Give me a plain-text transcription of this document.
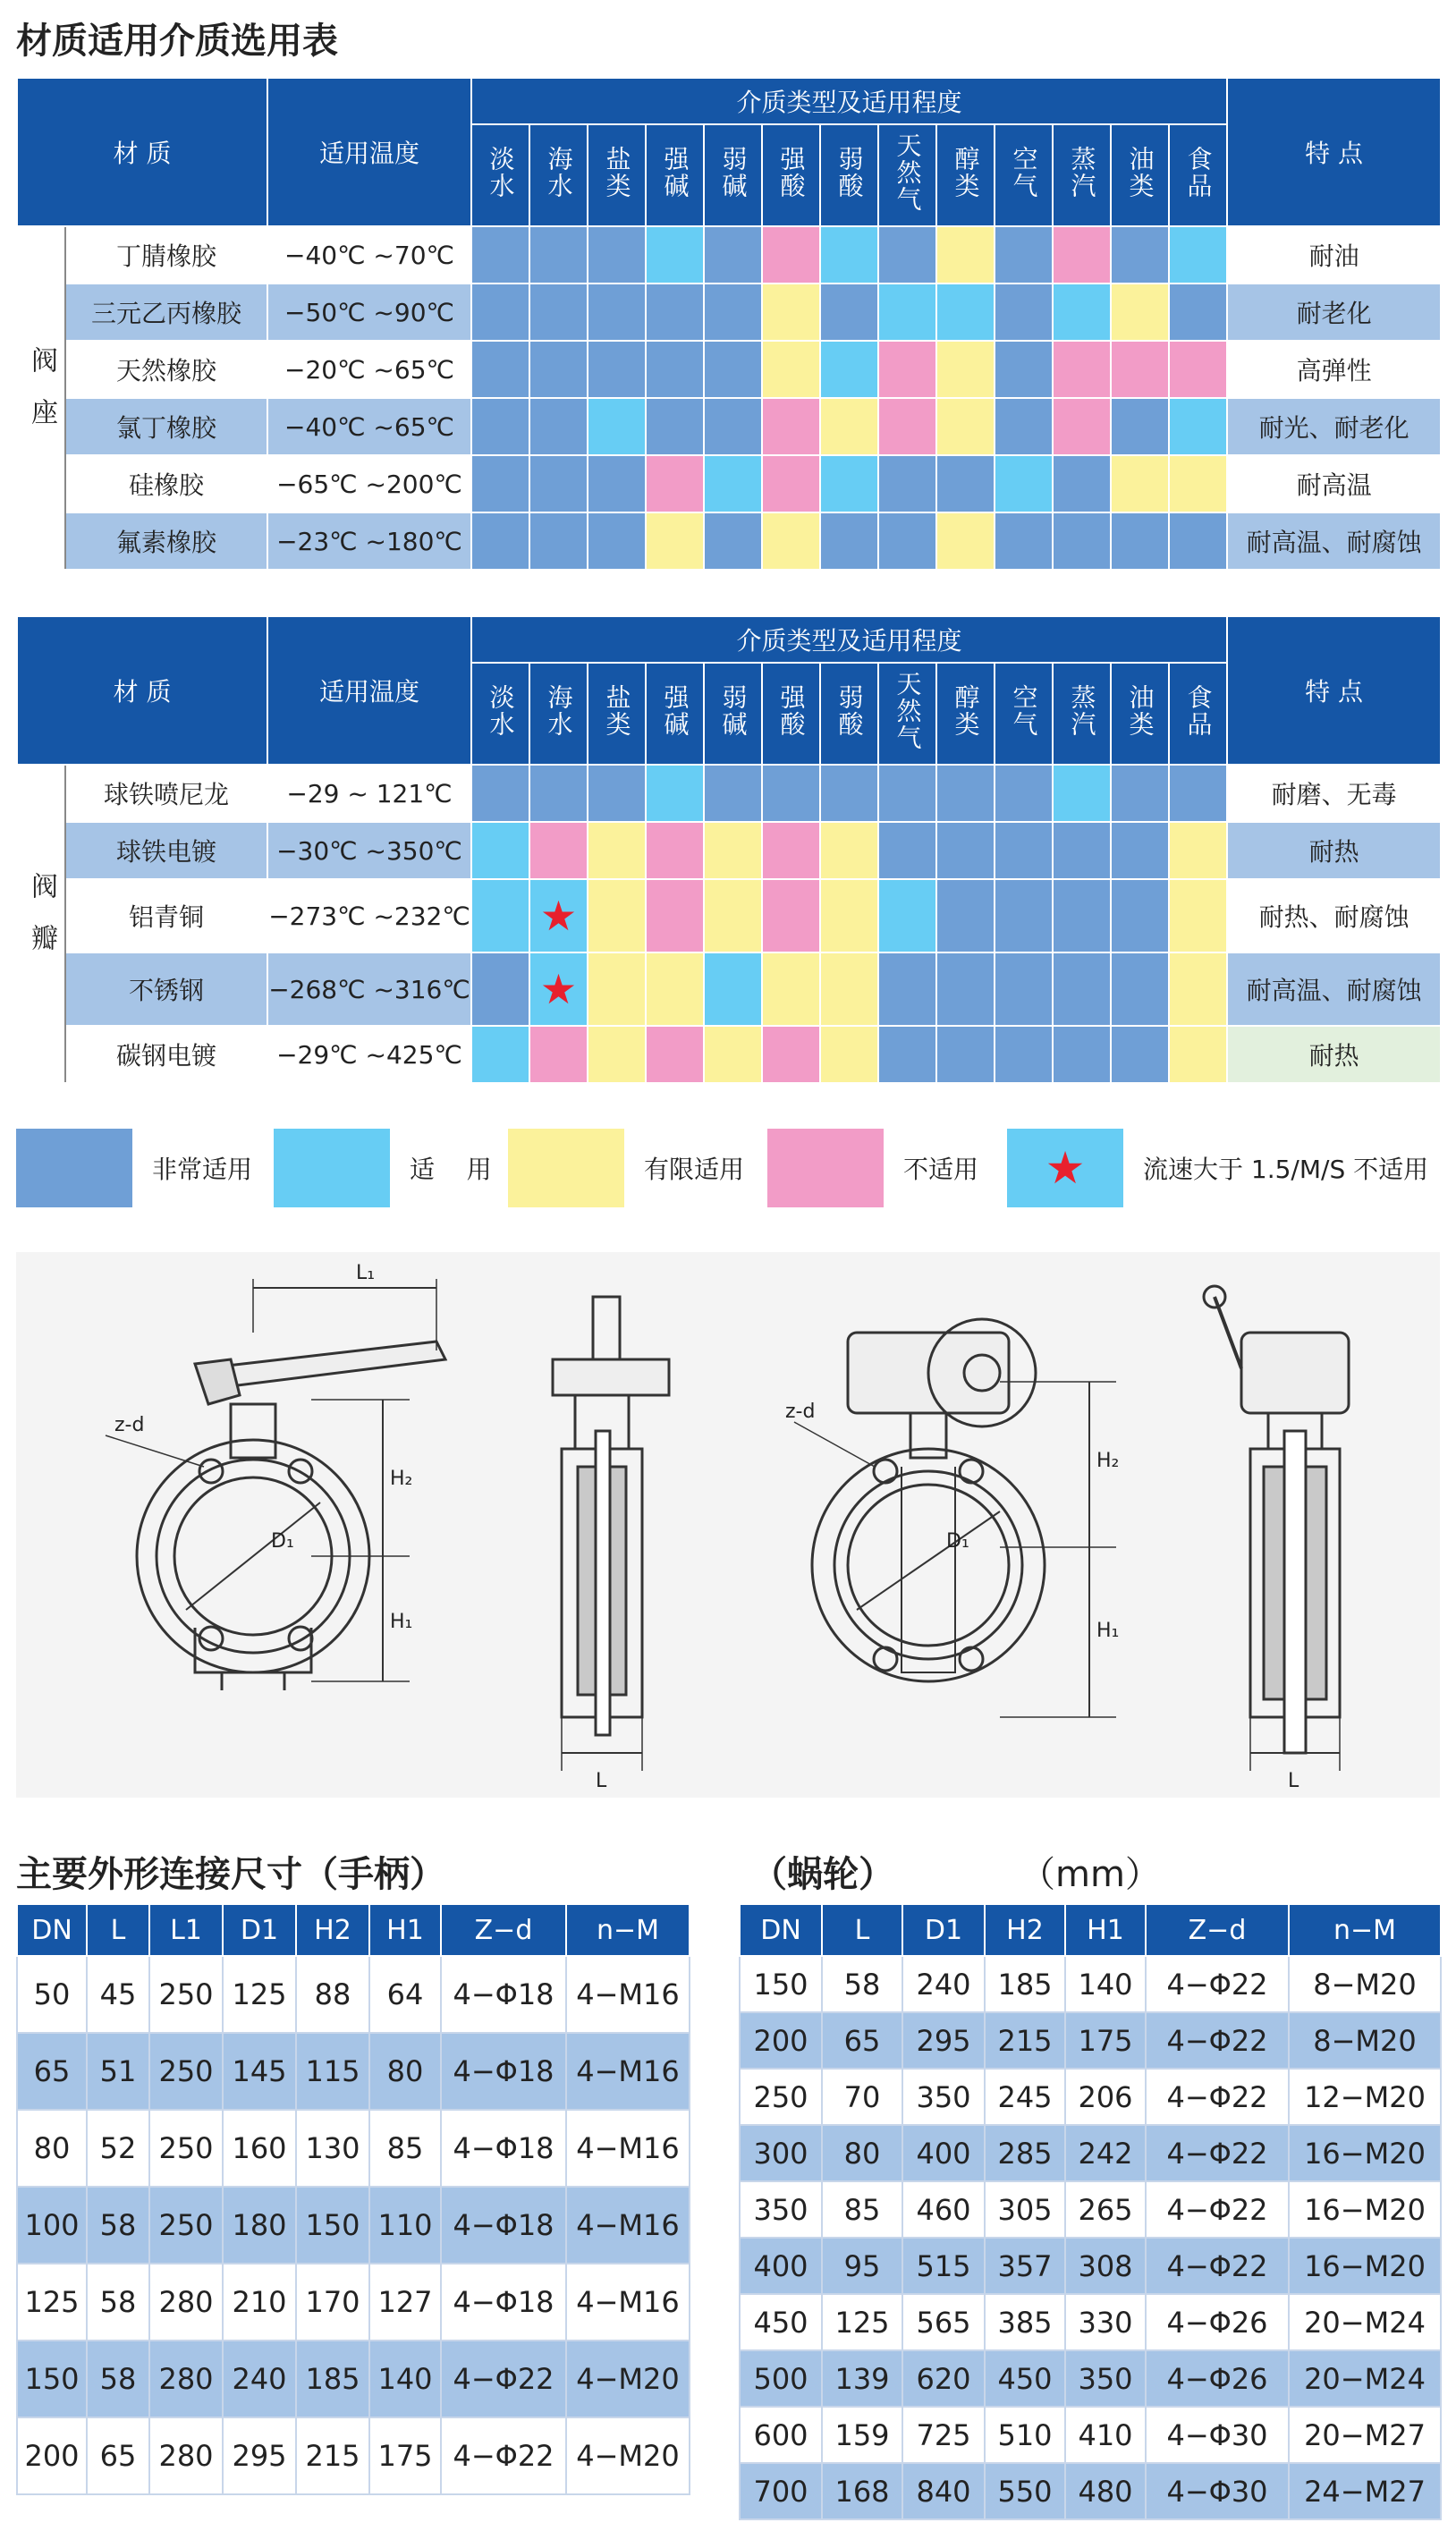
材质适用介质选用表
材 质		适用温度	介质类型及适用程度													特 点
			淡水	海水	盐类	强碱	弱碱	强酸	弱酸	天然气	醇类	空气	蒸汽	油类	食品	
阀座	丁腈橡胶	−40℃ ~70℃														耐油
	三元乙丙橡胶	−50℃ ~90℃														耐老化
	天然橡胶	−20℃ ~65℃														高弹性
	氯丁橡胶	−40℃ ~65℃														耐光、耐老化
	硅橡胶	−65℃ ~200℃														耐高温
	氟素橡胶	−23℃ ~180℃														耐高温、耐腐蚀
材 质		适用温度	介质类型及适用程度													特 点
			淡水	海水	盐类	强碱	弱碱	强酸	弱酸	天然气	醇类	空气	蒸汽	油类	食品	
阀瓣	球铁喷尼龙	−29 ~ 121℃														耐磨、无毒
	球铁电镀	−30℃ ~350℃														耐热
	铝青铜	−273℃ ~232℃		★												耐热、耐腐蚀
	不锈钢	−268℃ ~316℃		★												耐高温、耐腐蚀
	碳钢电镀	−29℃ ~425℃														耐热
非常适用	适    用	有限适用	不适用	★	流速大于 1.5/M/S 不适用
L₁
z-d
H₂
H₁
D₁
L
z-d
H₂
H₁
D₁
L
主要外形连接尺寸（手柄）	（蜗轮）	（mm）
DN	L	L1	D1	H2	H1	Z−d	n−M
50	45	250	125	88	64	4−Φ18	4−M16
65	51	250	145	115	80	4−Φ18	4−M16
80	52	250	160	130	85	4−Φ18	4−M16
100	58	250	180	150	110	4−Φ18	4−M16
125	58	280	210	170	127	4−Φ18	4−M16
150	58	280	240	185	140	4−Φ22	4−M20
200	65	280	295	215	175	4−Φ22	4−M20
DN	L	D1	H2	H1	Z−d	n−M
150	58	240	185	140	4−Φ22	8−M20
200	65	295	215	175	4−Φ22	8−M20
250	70	350	245	206	4−Φ22	12−M20
300	80	400	285	242	4−Φ22	16−M20
350	85	460	305	265	4−Φ22	16−M20
400	95	515	357	308	4−Φ22	16−M20
450	125	565	385	330	4−Φ26	20−M24
500	139	620	450	350	4−Φ26	20−M24
600	159	725	510	410	4−Φ30	20−M27
700	168	840	550	480	4−Φ30	24−M27
